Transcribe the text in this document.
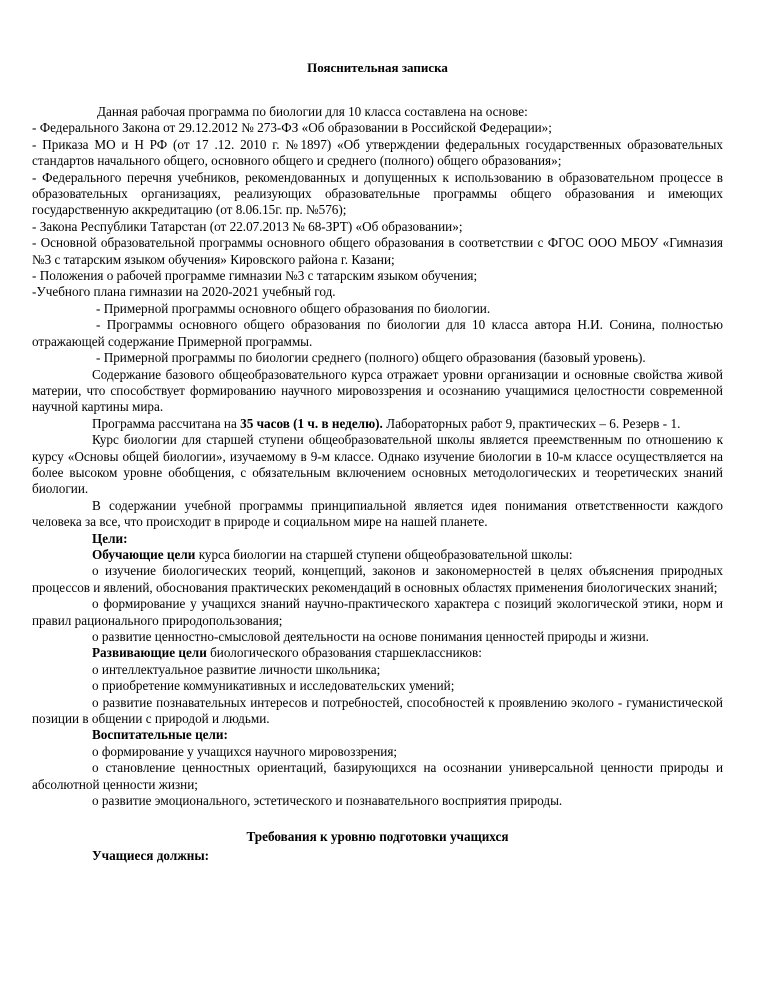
Пояснительная записка

Данная рабочая программа по биологии для 10 класса составлена на основе:

- Федерального Закона от 29.12.2012 № 273-ФЗ «Об образовании в Российской Федерации»;

- Приказа МО и Н РФ (от 17 .12. 2010 г. №1897) «Об утверждении федеральных государственных образовательных стандартов начального общего, основного общего и среднего (полного) общего образования»;

- Федерального перечня учебников, рекомендованных и допущенных к использованию в образовательном процессе в образовательных организациях, реализующих образовательные программы общего образования и имеющих государственную аккредитацию (от 8.06.15г. пр. №576);

- Закона Республики Татарстан (от 22.07.2013 № 68-ЗРТ) «Об образовании»;

- Основной образовательной программы основного общего образования в соответствии с ФГОС ООО МБОУ «Гимназия №3 с татарским языком обучения» Кировского района г. Казани;

- Положения о рабочей программе гимназии №3 с татарским языком обучения;

-Учебного плана гимназии на 2020-2021 учебный год.

- Примерной программы основного общего образования по биологии.

- Программы основного общего образования по биологии для 10 класса автора Н.И. Сонина, полностью отражающей содержание Примерной программы.

- Примерной программы по биологии среднего (полного) общего образования (базовый уровень).

Содержание базового общеобразовательного курса отражает уровни организации и основные свойства живой материи, что способствует формированию научного мировоззрения и осознанию учащимися целостности современной научной картины мира.

Программа рассчитана на 35 часов (1 ч. в неделю). Лабораторных работ 9, практических – 6. Резерв - 1.

Курс биологии для старшей ступени общеобразовательной школы является преемственным по отношению к курсу «Основы общей биологии», изучаемому в 9-м классе. Однако изучение биологии в 10-м классе осуществляется на более высоком уровне обобщения, с обязательным включением основных методологических и теоретических знаний биологии.

В содержании учебной программы принципиальной является идея понимания ответственности каждого человека за все, что происходит в природе и социальном мире на нашей планете.

Цели:

Обучающие цели курса биологии на старшей ступени общеобразовательной школы:

о изучение биологических теорий, концепций, законов и закономерностей в целях объяснения природных процессов и явлений, обоснования практических рекомендаций в основных областях применения биологических знаний;

о формирование у учащихся знаний научно-практического характера с позиций экологической этики, норм и правил рационального природопользования;

о развитие ценностно-смысловой деятельности на основе понимания ценностей природы и жизни.

Развивающие цели биологического образования старшеклассников:

о интеллектуальное развитие личности школьника;

о приобретение коммуникативных и исследовательских умений;

о развитие познавательных интересов и потребностей, способностей к проявлению эколого - гуманистической позиции в общении с природой и людьми.

Воспитательные цели:

о формирование у учащихся научного мировоззрения;

о становление ценностных ориентаций, базирующихся на осознании универсальной ценности природы и абсолютной ценности жизни;

о развитие эмоционального, эстетического и познавательного восприятия природы.

Требования к уровню подготовки учащихся

Учащиеся должны:
